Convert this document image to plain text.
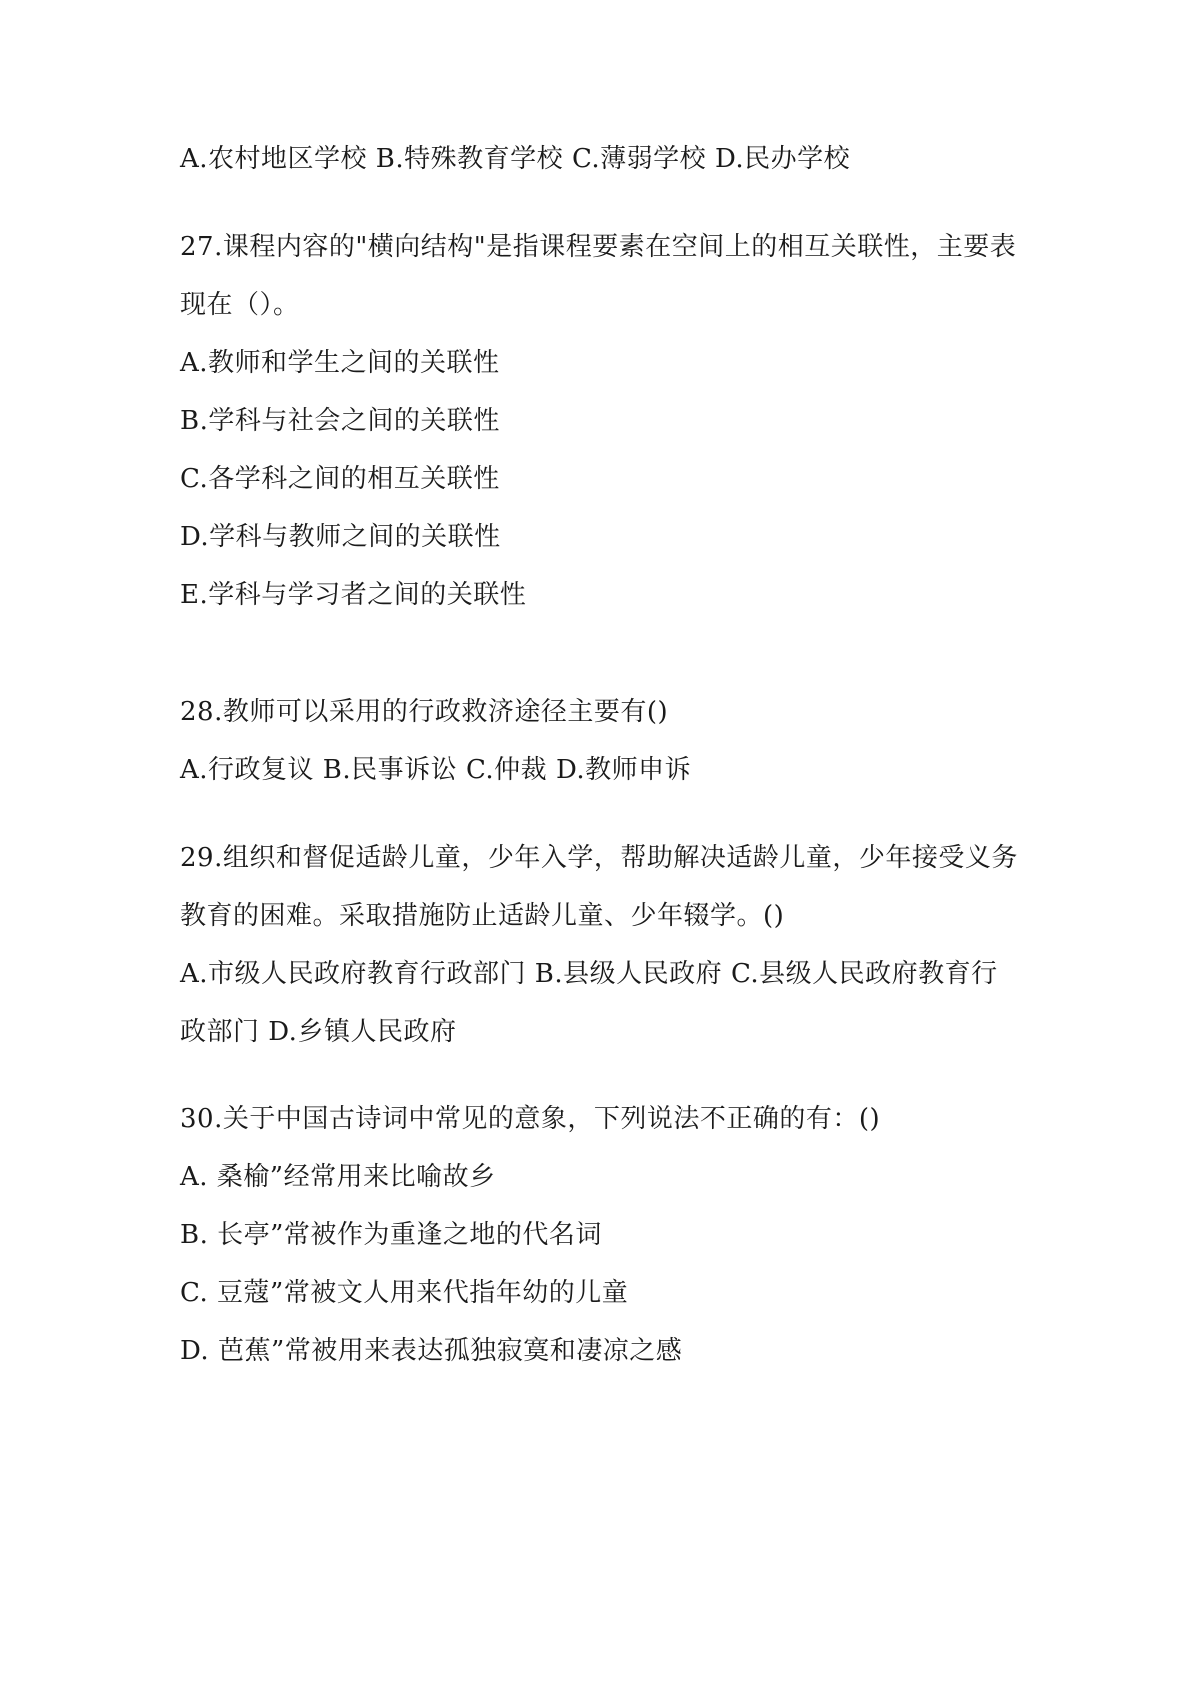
A.农村地区学校 B.特殊教育学校 C.薄弱学校 D.民办学校
27.课程内容的"横向结构"是指课程要素在空间上的相互关联性，主要表
现在（）。
A.教师和学生之间的关联性
B.学科与社会之间的关联性
C.各学科之间的相互关联性
D.学科与教师之间的关联性
E.学科与学习者之间的关联性
28.教师可以采用的行政救济途径主要有()
A.行政复议 B.民事诉讼 C.仲裁 D.教师申诉
29.组织和督促适龄儿童，少年入学，帮助解决适龄儿童，少年接受义务
教育的困难。采取措施防止适龄儿童、少年辍学。()
A.市级人民政府教育行政部门 B.县级人民政府 C.县级人民政府教育行
政部门 D.乡镇人民政府
30.关于中国古诗词中常见的意象，下列说法不正确的有：()
A. 桑榆”经常用来比喻故乡
B. 长亭”常被作为重逢之地的代名词
C. 豆蔻”常被文人用来代指年幼的儿童
D. 芭蕉”常被用来表达孤独寂寞和凄凉之感
